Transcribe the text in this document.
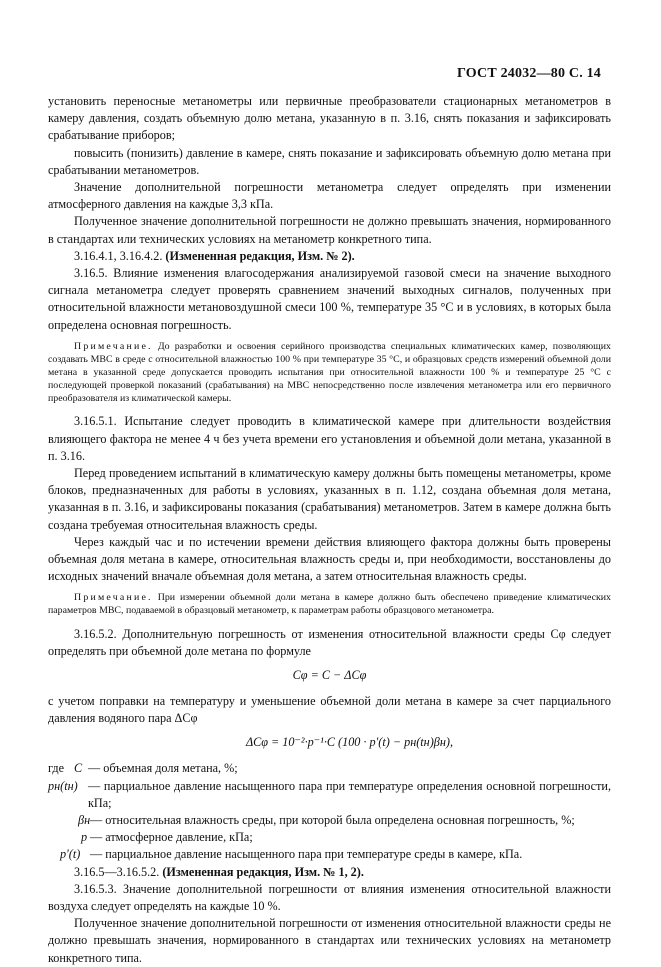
ГОСТ 24032—80 С. 14

установить переносные метанометры или первичные преобразователи стационарных метанометров в камеру давления, создать объемную долю метана, указанную в п. 3.16, снять показания и зафиксировать срабатывание приборов;

повысить (понизить) давление в камере, снять показание и зафиксировать объемную долю метана при срабатывании метанометров.

Значение дополнительной погрешности метанометра следует определять при изменении атмосферного давления на каждые 3,3 кПа.

Полученное значение дополнительной погрешности не должно превышать значения, нормированного в стандартах или технических условиях на метанометр конкретного типа.

3.16.4.1, 3.16.4.2. (Измененная редакция, Изм. № 2).

3.16.5. Влияние изменения влагосодержания анализируемой газовой смеси на значение выходного сигнала метанометра следует проверять сравнением значений выходных сигналов, полученных при относительной влажности метановоздушной смеси 100 %, температуре 35 °С и в условиях, в которых была определена основная погрешность.

Примечание. До разработки и освоения серийного производства специальных климатических камер, позволяющих создавать МВС в среде с относительной влажностью 100 % при температуре 35 °С, и образцовых средств измерений объемной доли метана в указанной среде допускается проводить испытания при относительной влажности 100 % и температуре 25 °С с последующей проверкой показаний (срабатывания) на МВС непосредственно после извлечения метанометра или его первичного преобразователя из климатической камеры.

3.16.5.1. Испытание следует проводить в климатической камере при длительности воздействия влияющего фактора не менее 4 ч без учета времени его установления и объемной доли метана, указанной в п. 3.16.

Перед проведением испытаний в климатическую камеру должны быть помещены метанометры, кроме блоков, предназначенных для работы в условиях, указанных в п. 1.12, создана объемная доля метана, указанная в п. 3.16, и зафиксированы показания (срабатывания) метанометров. Затем в камере должна быть создана требуемая относительная влажность среды.

Через каждый час и по истечении времени действия влияющего фактора должны быть проверены объемная доля метана в камере, относительная влажность среды и, при необходимости, восстановлены до исходных значений вначале объемная доля метана, а затем относительная влажность среды.

Примечание. При измерении объемной доли метана в камере должно быть обеспечено приведение климатических параметров МВС, подаваемой в образцовый метанометр, к параметрам работы образцового метанометра.

3.16.5.2. Дополнительную погрешность от изменения относительной влажности среды Cφ следует определять при объемной доле метана по формуле

Cφ = C − ΔCφ

с учетом поправки на температуру и уменьшение объемной доли метана в камере за счет парциального давления водяного пара ΔCφ

ΔCφ = 10⁻²·p⁻¹·C (100 · p′(t) − pн(tн)βн),
где C — объемная доля метана, %;
pн(tн) — парциальное давление насыщенного пара при температуре определения основной погрешности, кПа;
βн — относительная влажность среды, при которой была определена основная погрешность, %;
p — атмосферное давление, кПа;
p′(t) — парциальное давление насыщенного пара при температуре среды в камере, кПа.

3.16.5—3.16.5.2. (Измененная редакция, Изм. № 1, 2).

3.16.5.3. Значение дополнительной погрешности от влияния изменения относительной влажности воздуха следует определять на каждые 10 %.

Полученное значение дополнительной погрешности от изменения относительной влажности среды не должно превышать значения, нормированного в стандартах или технических условиях на метанометр конкретного типа.
